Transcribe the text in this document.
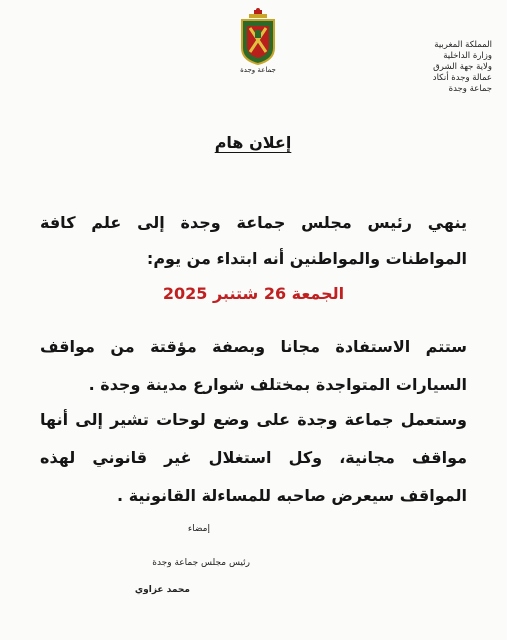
جماعة وجدة
المملكة المغربية
وزارة الداخلية
ولاية جهة الشرق
عمالة وجدة أنكاد
جماعة وجدة
إعلان هام
ينهي رئيس مجلس جماعة وجدة إلى علم كافة المواطنات والمواطنين أنه ابتداء من يوم:
الجمعة 26 شتنبر 2025
ستتم الاستفادة مجانا وبصفة مؤقتة من مواقف السيارات المتواجدة بمختلف شوارع مدينة وجدة .
وستعمل جماعة وجدة على وضع لوحات تشير إلى أنها مواقف مجانية، وكل استغلال غير قانوني لهذه المواقف سيعرض صاحبه للمساءلة القانونية .
إمضاء
رئيس مجلس جماعة وجدة
محمد عزاوي
